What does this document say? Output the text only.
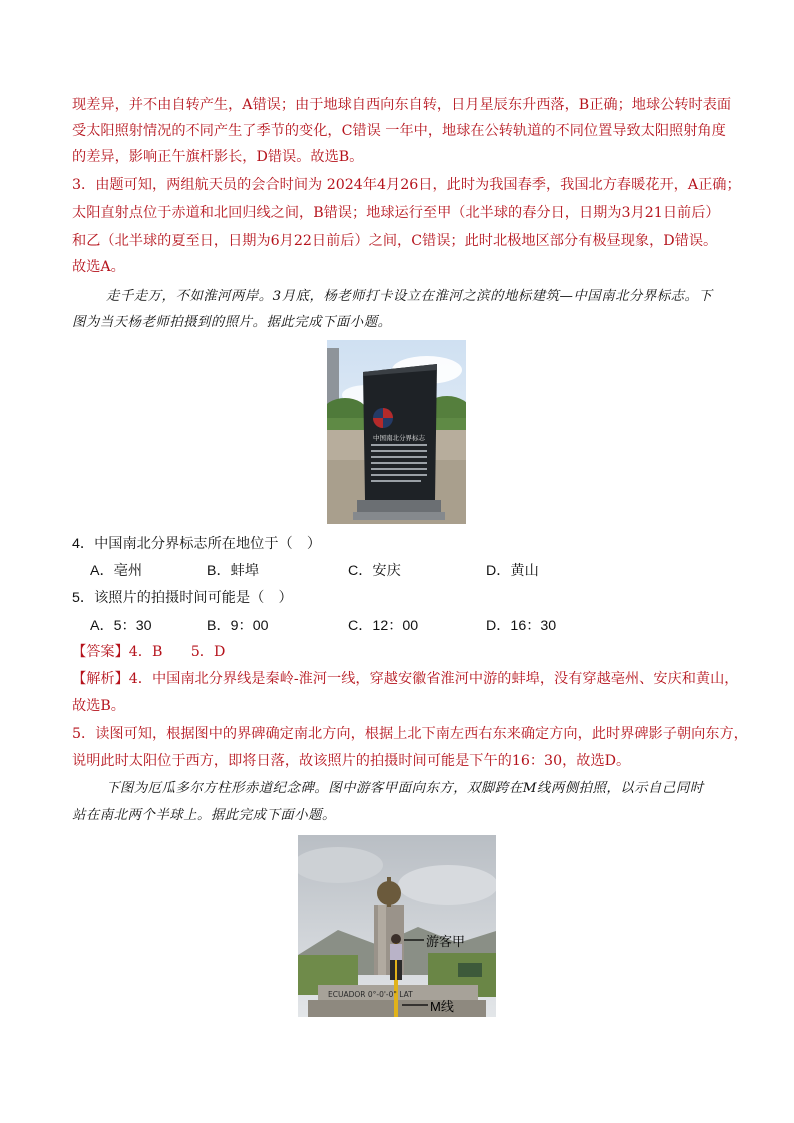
现差异，并不由自转产生，A错误；由于地球自西向东自转，日月星辰东升西落，B正确；地球公转时表面
受太阳照射情况的不同产生了季节的变化，C错误 一年中，地球在公转轨道的不同位置导致太阳照射角度
的差异，影响正午旗杆影长，D错误。故选B。
3．由题可知，两组航天员的会合时间为 2024年4月26日，此时为我国春季，我国北方春暖花开，A正确；
太阳直射点位于赤道和北回归线之间，B错误；地球运行至甲（北半球的春分日，日期为3月21日前后）
和乙（北半球的夏至日，日期为6月22日前后）之间，C错误；此时北极地区部分有极昼现象，D错误。
故选A。
走千走万，不如淮河两岸。3月底，杨老师打卡设立在淮河之滨的地标建筑—中国南北分界标志。下
图为当天杨老师拍摄到的照片。据此完成下面小题。
中国南北分界标志
4．中国南北分界标志所在地位于（　）
A．亳州	B．蚌埠	C．安庆	D．黄山
5．该照片的拍摄时间可能是（　）
A．5：30	B．9：00	C．12：00	D．16：30
【答案】4．B　　5．D
【解析】4．中国南北分界线是秦岭-淮河一线，穿越安徽省淮河中游的蚌埠，没有穿越亳州、安庆和黄山，
故选B。
5．读图可知，根据图中的界碑确定南北方向，根据上北下南左西右东来确定方向，此时界碑影子朝向东方，
说明此时太阳位于西方，即将日落，故该照片的拍摄时间可能是下午的16：30，故选D。
下图为厄瓜多尔方柱形赤道纪念碑。图中游客甲面向东方，双脚跨在M线两侧拍照，以示自己同时
站在南北两个半球上。据此完成下面小题。
ECUADOR 0°-0'-0" LAT
游客甲
M线
